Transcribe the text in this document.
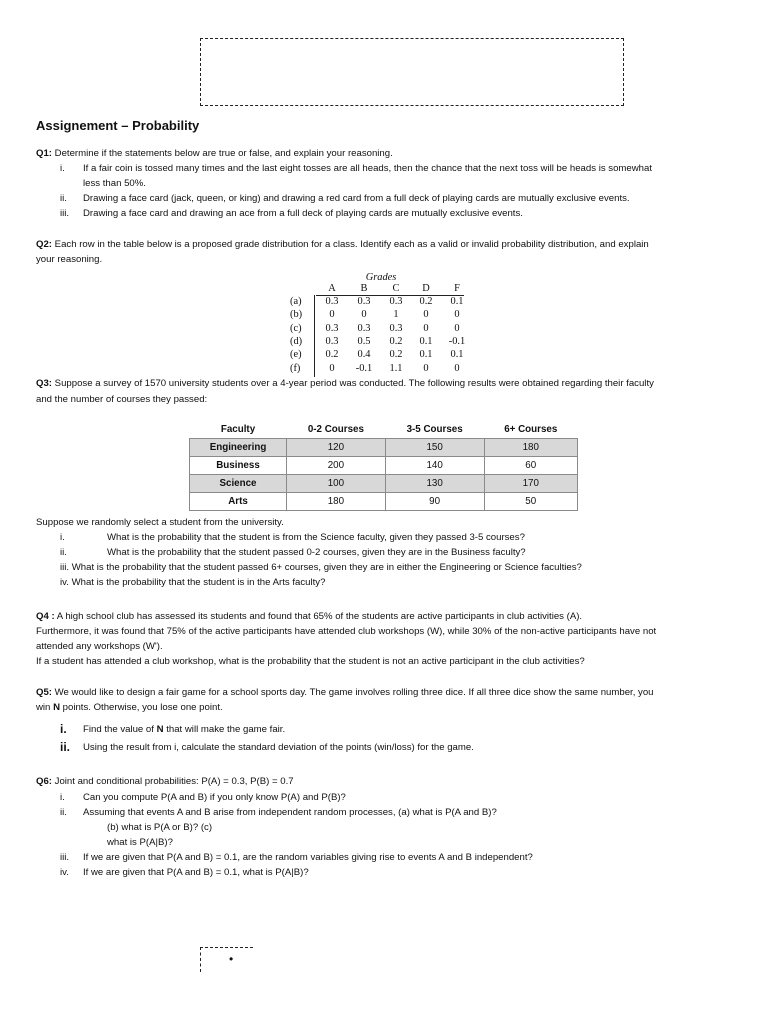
Assignement – Probability
Q1: Determine if the statements below are true or false, and explain your reasoning.
i. If a fair coin is tossed many times and the last eight tosses are all heads, then the chance that the next toss will be heads is somewhat
less than 50%.
ii. Drawing a face card (jack, queen, or king) and drawing a red card from a full deck of playing cards are mutually exclusive events.
iii. Drawing a face card and drawing an ace from a full deck of playing cards are mutually exclusive events.
Q2: Each row in the table below is a proposed grade distribution for a class. Identify each as a valid or invalid probability distribution, and explain
your reasoning.
Grades
A	B	C	D	F
(a)	0.3	0.3	0.3	0.2	0.1
(b)	0	0	1	0	0
(c)	0.3	0.3	0.3	0	0
(d)	0.3	0.5	0.2	0.1	-0.1
(e)	0.2	0.4	0.2	0.1	0.1
(f)	0	-0.1	1.1	0	0
Q3: Suppose a survey of 1570 university students over a 4-year period was conducted. The following results were obtained regarding their faculty
and the number of courses they passed:
Faculty	0-2 Courses	3-5 Courses	6+ Courses
Engineering	120	150	180
Business	200	140	60
Science	100	130	170
Arts	180	90	50
Suppose we randomly select a student from the university.
i.	What is the probability that the student is from the Science faculty, given they passed 3-5 courses?
ii.	What is the probability that the student passed 0-2 courses, given they are in the Business faculty?
iii. What is the probability that the student passed 6+ courses, given they are in either the Engineering or Science faculties?
iv. What is the probability that the student is in the Arts faculty?
Q4 : A high school club has assessed its students and found that 65% of the students are active participants in club activities (A).
Furthermore, it was found that 75% of the active participants have attended club workshops (W), while 30% of the non-active participants have not
attended any workshops (W').
If a student has attended a club workshop, what is the probability that the student is not an active participant in the club activities?
Q5: We would like to design a fair game for a school sports day. The game involves rolling three dice. If all three dice show the same number, you
win N points. Otherwise, you lose one point.
i. Find the value of N that will make the game fair.
ii. Using the result from i, calculate the standard deviation of the points (win/loss) for the game.
Q6: Joint and conditional probabilities: P(A) = 0.3, P(B) = 0.7
i. Can you compute P(A and B) if you only know P(A) and P(B)?
ii. Assuming that events A and B arise from independent random processes, (a) what is P(A and B)?
(b) what is P(A or B)? (c)
what is P(A|B)?
iii. If we are given that P(A and B) = 0.1, are the random variables giving rise to events A and B independent?
iv. If we are given that P(A and B) = 0.1, what is P(A|B)?
•
